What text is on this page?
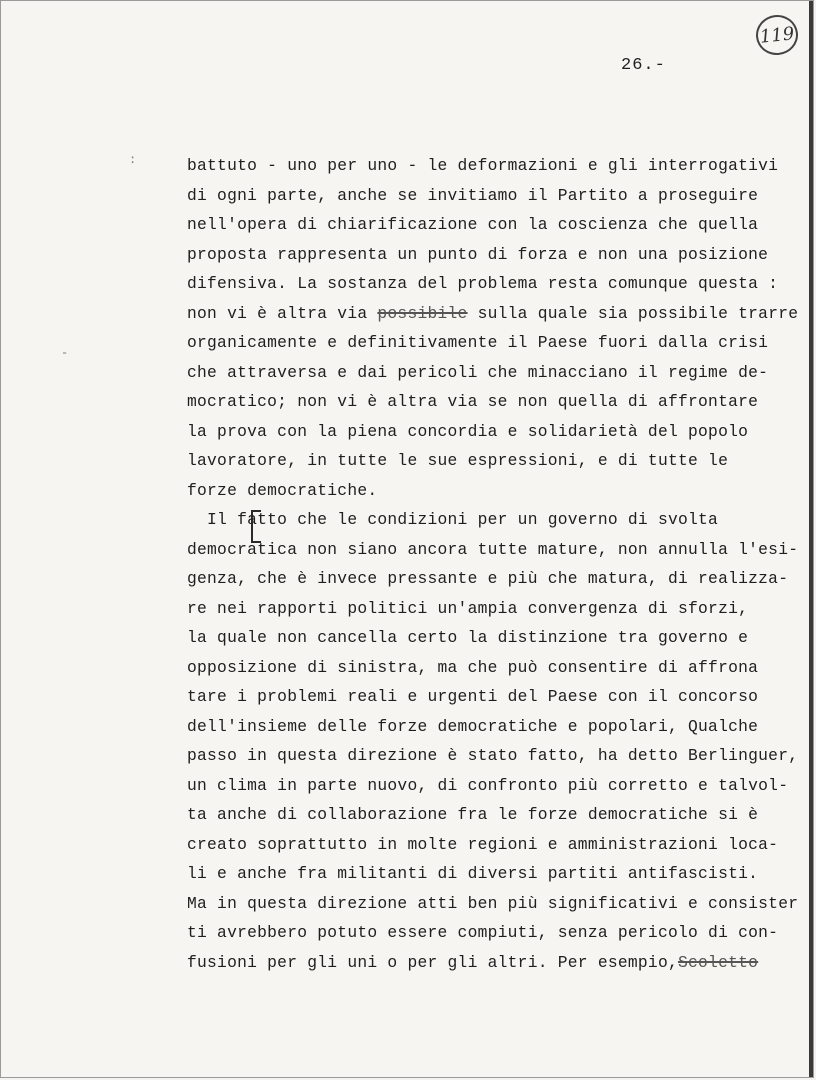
119
26.-
:
-
battuto - uno per uno - le deformazioni e gli interrogativi
di ogni parte, anche se invitiamo il Partito a proseguire
nell'opera di chiarificazione con la coscienza che quella
proposta rappresenta un punto di forza e non una posizione
difensiva. La sostanza del problema resta comunque questa :
non vi è altra via possibile sulla quale sia possibile trarre
organicamente e definitivamente il Paese fuori dalla crisi
che attraversa e dai pericoli che minacciano il regime de-
mocratico; non vi è altra via se non quella di affrontare
la prova con la piena concordia e solidarietà del popolo
lavoratore, in tutte le sue espressioni, e di tutte le
forze democratiche.
Il fatto che le condizioni per un governo di svolta
democratica non siano ancora tutte mature, non annulla l'esi-
genza, che è invece pressante e più che matura, di realizza-
re nei rapporti politici un'ampia convergenza di sforzi,
la quale non cancella certo la distinzione tra governo e
opposizione di sinistra, ma che può consentire di affrona
tare i problemi reali e urgenti del Paese con il concorso
dell'insieme delle forze democratiche e popolari, Qualche
passo in questa direzione è stato fatto, ha detto Berlinguer,
un clima in parte nuovo, di confronto più corretto e talvol-
ta anche di collaborazione fra le forze democratiche si è
creato soprattutto in molte regioni e amministrazioni loca-
li e anche fra militanti di diversi partiti antifascisti.
Ma in questa direzione atti ben più significativi e consister
ti avrebbero potuto essere compiuti, senza pericolo di con-
fusioni per gli uni o per gli altri. Per esempio,Scoletto
